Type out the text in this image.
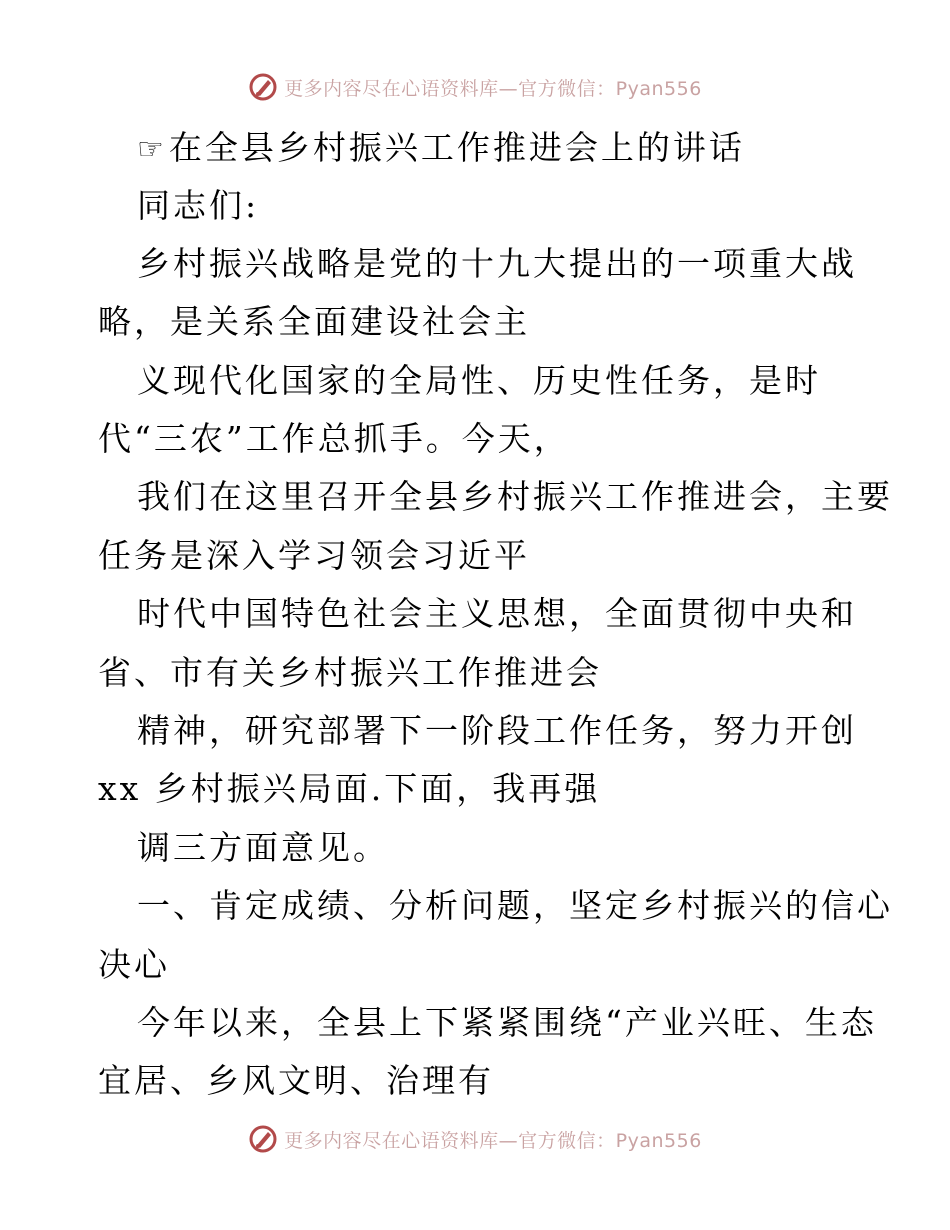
更多内容尽在心语资料库—官方微信：Pyan556
☞在全县乡村振兴工作推进会上的讲话
同志们:
乡村振兴战略是党的十九大提出的一项重大战
略，是关系全面建设社会主
义现代化国家的全局性、历史性任务，是时
代“三农”工作总抓手。今天，
我们在这里召开全县乡村振兴工作推进会，主要
任务是深入学习领会习近平
时代中国特色社会主义思想，全面贯彻中央和
省、市有关乡村振兴工作推进会
精神，研究部署下一阶段工作任务，努力开创
xx 乡村振兴局面.下面，我再强
调三方面意见。
一、肯定成绩、分析问题，坚定乡村振兴的信心
决心
今年以来，全县上下紧紧围绕“产业兴旺、生态
宜居、乡风文明、治理有
更多内容尽在心语资料库—官方微信：Pyan556
